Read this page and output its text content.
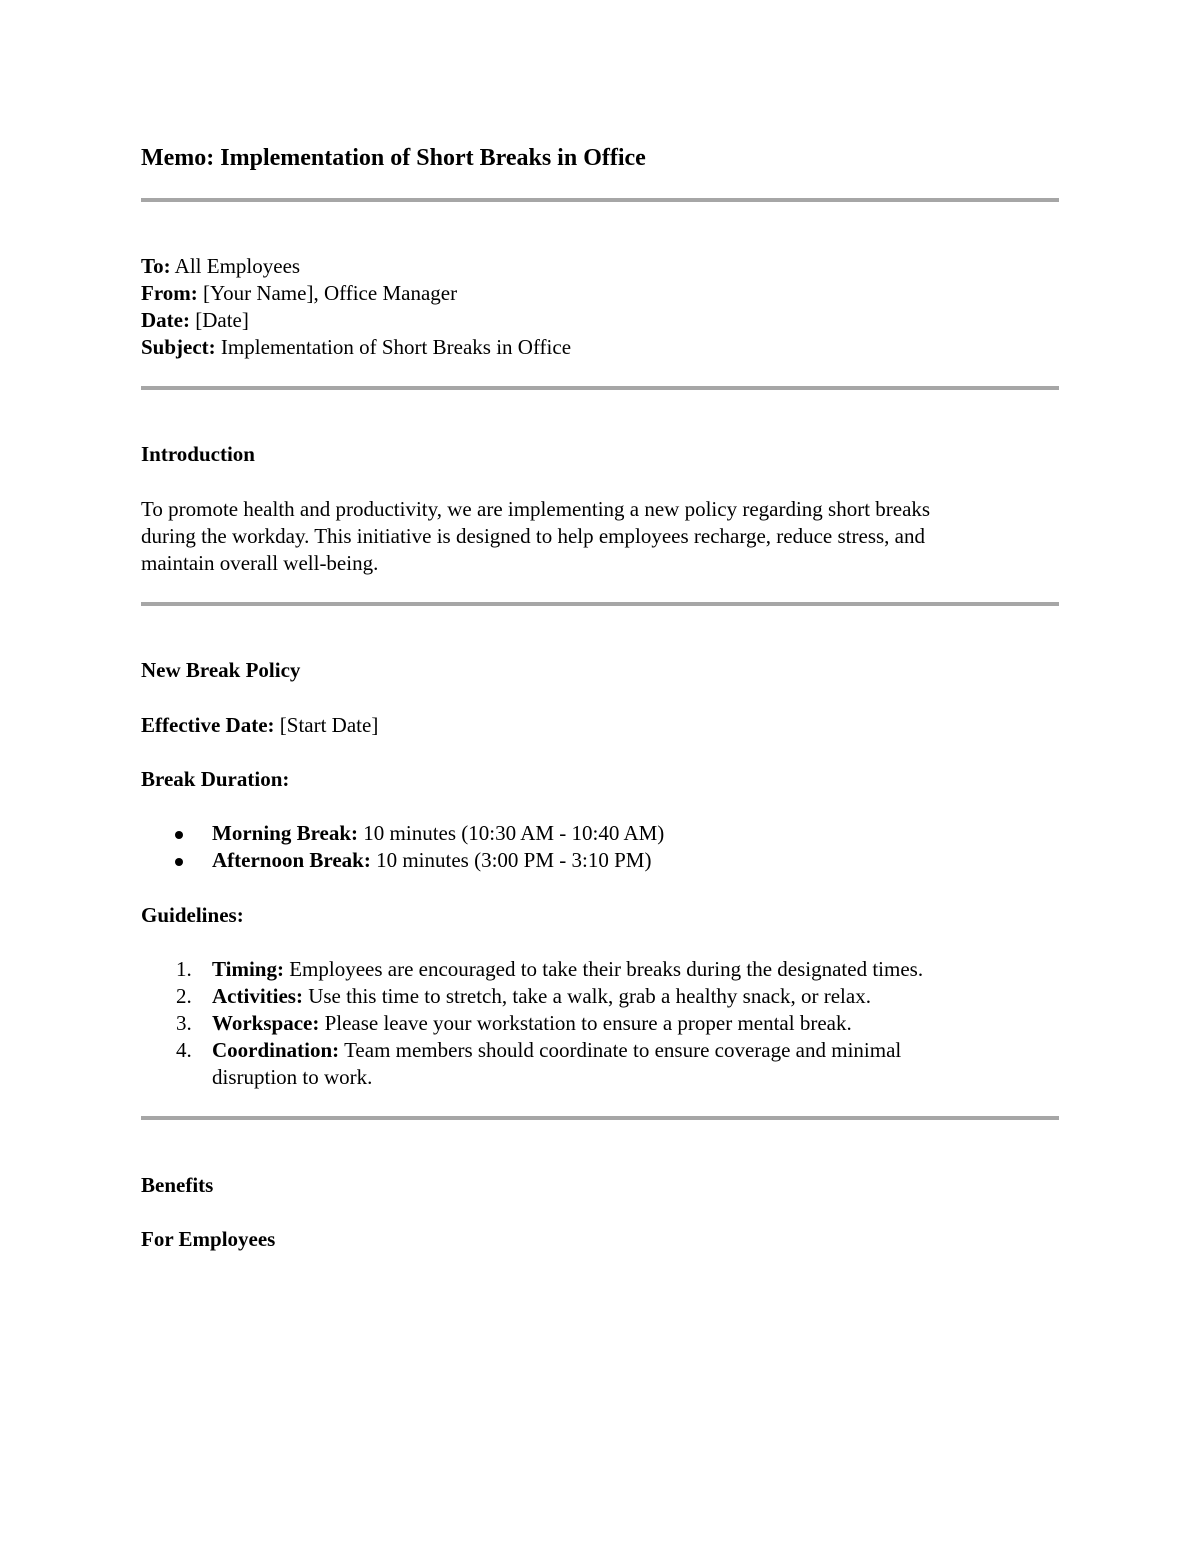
Memo: Implementation of Short Breaks in Office
To: All Employees
From: [Your Name], Office Manager
Date: [Date]
Subject: Implementation of Short Breaks in Office
Introduction
To promote health and productivity, we are implementing a new policy regarding short breaks
during the workday. This initiative is designed to help employees recharge, reduce stress, and
maintain overall well-being.
New Break Policy
Effective Date: [Start Date]
Break Duration:
Morning Break: 10 minutes (10:30 AM - 10:40 AM)
Afternoon Break: 10 minutes (3:00 PM - 3:10 PM)
Guidelines:
1. Timing: Employees are encouraged to take their breaks during the designated times.
2. Activities: Use this time to stretch, take a walk, grab a healthy snack, or relax.
3. Workspace: Please leave your workstation to ensure a proper mental break.
4. Coordination: Team members should coordinate to ensure coverage and minimal
disruption to work.
Benefits
For Employees
